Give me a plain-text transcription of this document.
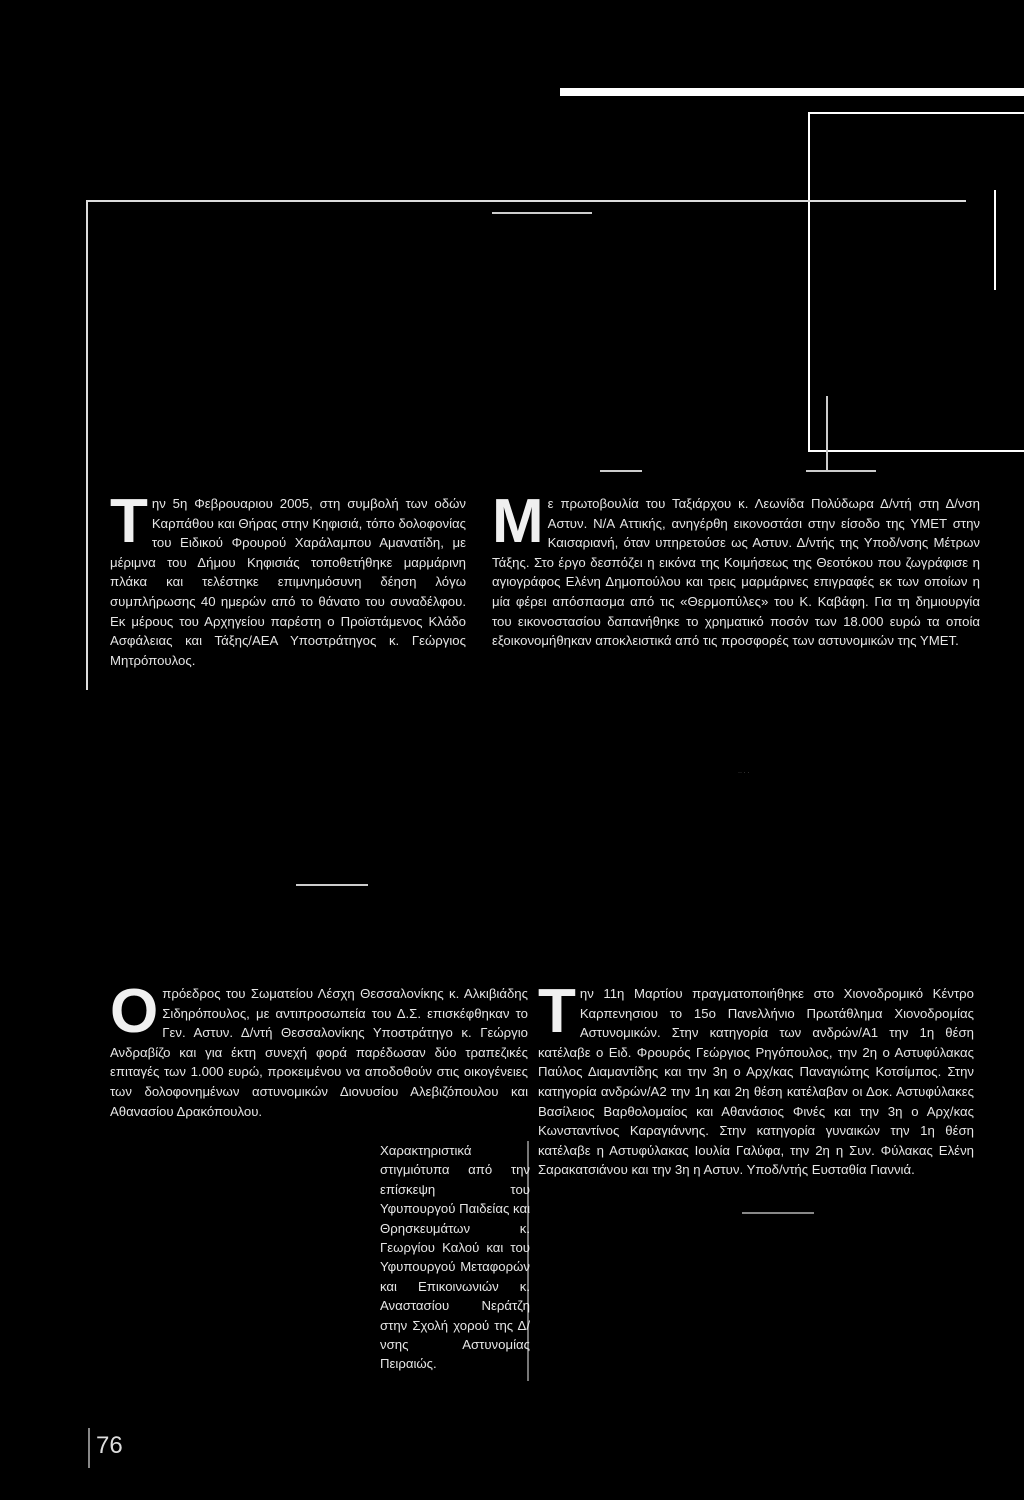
Την 5η Φεβρουαριου 2005, στη συμβολή των οδών Καρπάθου και Θήρας στην Κηφισιά, τόπο δολοφονίας του Ειδικού Φρουρού Χαράλαμπου Αμανατίδη, με μέριμνα του Δήμου Κηφισιάς τοποθετήθηκε μαρμάρινη πλάκα και τελέστηκε επιμνημόσυνη δέηση λόγω συμπλήρωσης 40 ημερών από το θάνατο του συναδέλφου. Εκ μέρους του Αρχηγείου παρέστη ο Προϊστάμενος Κλάδο Ασφάλειας και Τάξης/ΑΕΑ Υποστράτηγος κ. Γεώργιος Μητρόπουλος.

Με πρωτοβουλία του Ταξιάρχου κ. Λεωνίδα Πολύδωρα Δ/ντή στη Δ/νση Αστυν. Ν/Α Αττικής, ανηγέρθη εικονοστάσι στην είσοδο της ΥΜΕΤ στην Καισαριανή, όταν υπηρετούσε ως Αστυν. Δ/ντής της Υποδ/νσης Μέτρων Τάξης. Στο έργο δεσπόζει η εικόνα της Κοιμήσεως της Θεοτόκου που ζωγράφισε η αγιογράφος Ελένη Δημοπούλου και τρεις μαρμάρινες επιγραφές εκ των οποίων η μία φέρει απόσπασμα από τις «Θερμοπύλες» του Κ. Καβάφη. Για τη δημιουργία του εικονοστασίου δαπανήθηκε το χρηματικό ποσόν των 18.000 ευρώ τα οποία εξοικονομήθηκαν αποκλειστικά από τις προσφορές των αστυνομικών της ΥΜΕΤ.

·· · ·

Οπρόεδρος του Σωματείου Λέσχη Θεσσαλονίκης κ. Αλκιβιάδης Σιδηρόπουλος, με αντιπροσωπεία του Δ.Σ. επισκέφθηκαν το Γεν. Αστυν. Δ/ντή Θεσσαλονίκης Υποστράτηγο κ. Γεώργιο Ανδραβίζο και για έκτη συνεχή φορά παρέδωσαν δύο τραπεζικές επιταγές των 1.000 ευρώ, προκειμένου να αποδοθούν στις οικογένειες των δολοφονημένων αστυνομικών Διονυσίου Αλεβιζόπουλου και Αθανασίου Δρακόπουλου.

Χαρακτηριστικά στιγμιότυπα από την επίσκεψη του Υφυπουργού Παιδείας και Θρησκευμάτων κ. Γεωργίου Καλού και του Υφυπουργού Μεταφορών και Επικοινωνιών κ. Αναστασίου Νεράτζη στην Σχολή χορού της Δ/νσης Αστυνομίας Πειραιώς.

Την 11η Μαρτίου πραγματοποιήθηκε στο Χιονοδρομικό Κέντρο Καρπενησιου το 15ο Πανελλήνιο Πρωτάθλημα Χιονοδρομίας Αστυνομικών. Στην κατηγορία των ανδρών/Α1 την 1η θέση κατέλαβε ο Ειδ. Φρουρός Γεώργιος Ρηγόπουλος, την 2η ο Αστυφύλακας Παύλος Διαμαντίδης και την 3η ο Αρχ/κας Παναγιώτης Κοτσίμπος. Στην κατηγορία ανδρών/Α2 την 1η και 2η θέση κατέλαβαν οι Δοκ. Αστυφύλακες Βασίλειος Βαρθολομαίος και Αθανάσιος Φινές και την 3η ο Αρχ/κας Κωνσταντίνος Καραγιάννης. Στην κατηγορία γυναικών την 1η θέση κατέλαβε η Αστυφύλακας Ιουλία Γαλύφα, την 2η η Συν. Φύλακας Ελένη Σαρακατσιάνου και την 3η η Αστυν. Υποδ/ντής Ευσταθία Γιαννιά.

76
